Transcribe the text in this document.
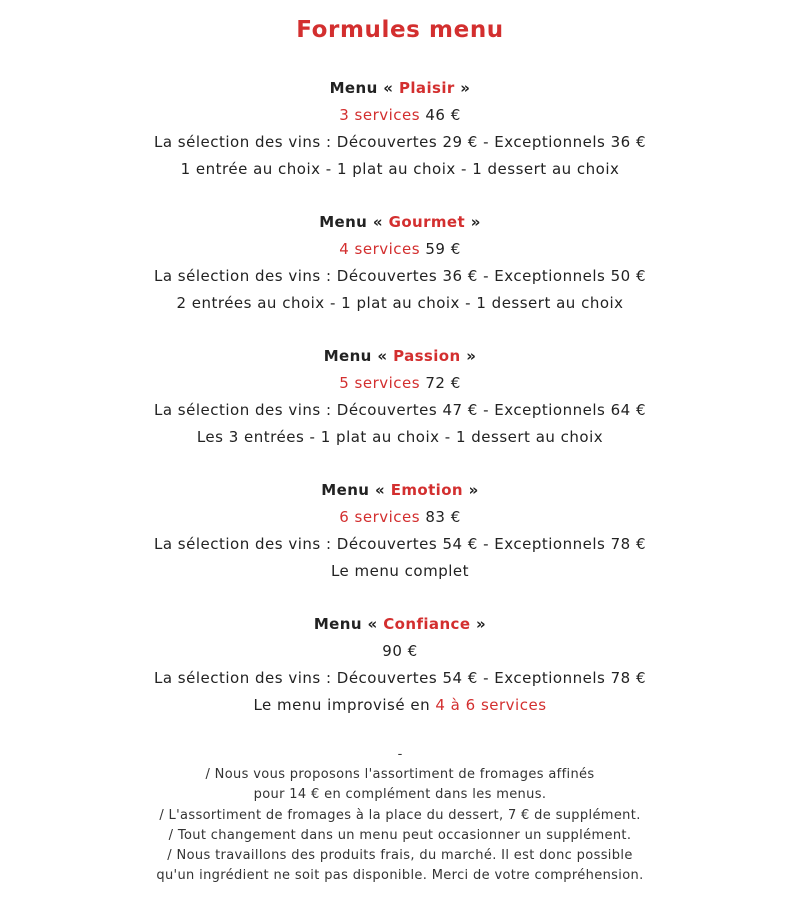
Formules menu
Menu « Plaisir »
3 services 46 €
La sélection des vins : Découvertes 29 € - Exceptionnels 36 €
1 entrée au choix - 1 plat au choix - 1 dessert au choix
Menu « Gourmet »
4 services 59 €
La sélection des vins : Découvertes 36 € - Exceptionnels 50 €
2 entrées au choix - 1 plat au choix - 1 dessert au choix
Menu « Passion »
5 services 72 €
La sélection des vins : Découvertes 47 € - Exceptionnels 64 €
Les 3 entrées - 1 plat au choix - 1 dessert au choix
Menu « Emotion »
6 services 83 €
La sélection des vins : Découvertes 54 € - Exceptionnels 78 €
Le menu complet
Menu « Confiance »
90 €
La sélection des vins : Découvertes 54 € - Exceptionnels 78 €
Le menu improvisé en 4 à 6 services
-
/ Nous vous proposons l'assortiment de fromages affinés
pour 14 € en complément dans les menus.
/ L'assortiment de fromages à la place du dessert, 7 € de supplément.
/ Tout changement dans un menu peut occasionner un supplément.
/ Nous travaillons des produits frais, du marché. Il est donc possible
qu'un ingrédient ne soit pas disponible. Merci de votre compréhension.
